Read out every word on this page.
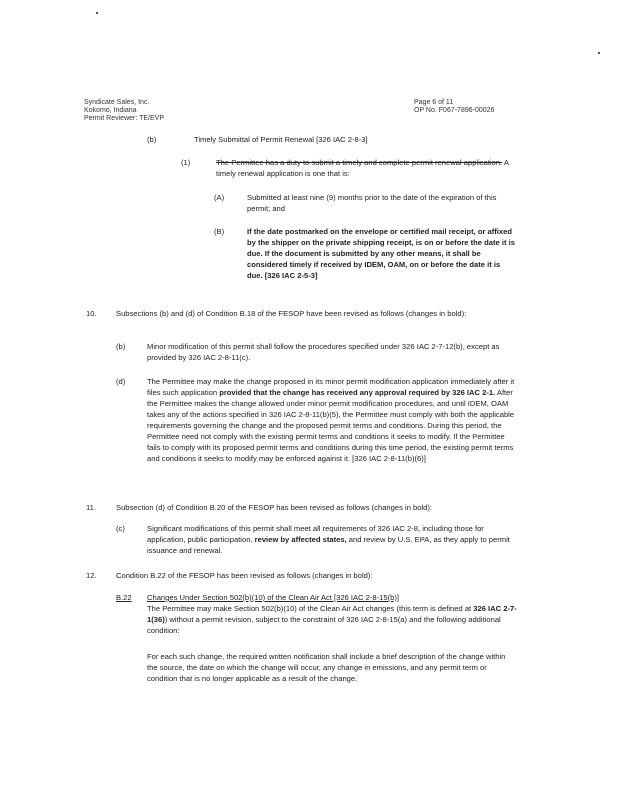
Syndicate Sales, Inc.
Kokomo, Indiana
Permit Reviewer: TE/EVP
Page 6 of 11
OP No. F067-7896-00026
(b)	Timely Submittal of Permit Renewal [326 IAC 2-8-3]
(1)	The Permittee has a duty to submit a timely and complete permit renewal application. A timely renewal application is one that is:
(A)	Submitted at least nine (9) months prior to the date of the expiration of this permit; and
(B)	If the date postmarked on the envelope or certified mail receipt, or affixed by the shipper on the private shipping receipt, is on or before the date it is due. If the document is submitted by any other means, it shall be considered timely if received by IDEM, OAM, on or before the date it is due. [326 IAC 2-5-3]
10.	Subsections (b) and (d) of Condition B.18 of the FESOP have been revised as follows (changes in bold):
(b)	Minor modification of this permit shall follow the procedures specified under 326 IAC 2-7-12(b), except as provided by 326 IAC 2-8-11(c).
(d)	The Permittee may make the change proposed in its minor permit modification application immediately after it files such application provided that the change has received any approval required by 326 IAC 2-1. After the Permittee makes the change allowed under minor permit modification procedures, and until IDEM, OAM takes any of the actions specified in 326 IAC 2-8-11(b)(5), the Permittee must comply with both the applicable requirements governing the change and the proposed permit terms and conditions. During this period, the Permittee need not comply with the existing permit terms and conditions it seeks to modify. If the Permittee fails to comply with its proposed permit terms and conditions during this time period, the existing permit terms and conditions it seeks to modify may be enforced against it. [326 IAC 2-8-11(b)(6)]
11.	Subsection (d) of Condition B.20 of the FESOP has been revised as follows (changes in bold):
(c)	Significant modifications of this permit shall meet all requirements of 326 IAC 2-8, including those for application, public participation, review by affected states, and review by U.S. EPA, as they apply to permit issuance and renewal.
12.	Condition B.22 of the FESOP has been revised as follows (changes in bold):
B.22 Changes Under Section 502(b)(10) of the Clean Air Act [326 IAC 2-8-15(b)]
The Permittee may make Section 502(b)(10) of the Clean Air Act changes (this term is defined at 326 IAC 2-7-1(36)) without a permit revision, subject to the constraint of 326 IAC 2-8-15(a) and the following additional condition:
For each such change, the required written notification shall include a brief description of the change within the source, the date on which the change will occur, any change in emissions, and any permit term or condition that is no longer applicable as a result of the change.
